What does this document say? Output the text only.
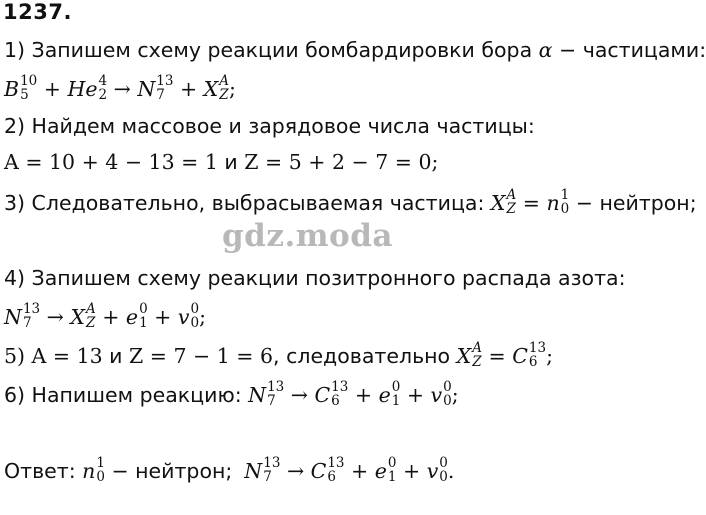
1237.
1) Запишем схему реакции бомбардировки бора α − частицами:
B 10
5 + He 4
2 → N 13
7 + X A
Z ;
2) Найдем массовое и зарядовое числа частицы:
A = 10 + 4 − 13 = 1 и Z = 5 + 2 − 7 = 0;
3) Следовательно, выбрасываемая частица: X A
Z = n 1
0 − нейтрон;
gdz.moda
4) Запишем схему реакции позитронного распада азота:
N 13
7 → X A
Z + e 0
1 + v 0
0 ;
5) A = 13 и Z = 7 − 1 = 6, следовательно X A
Z = C 13
6 ;
6) Напишем реакцию: N 13
7 → C 13
6 + e 0
1 + v 0
0 ;
Ответ: n 1
0 − нейтрон; N 13
7 → C 13
6 + e 0
1 + v 0
0 .
